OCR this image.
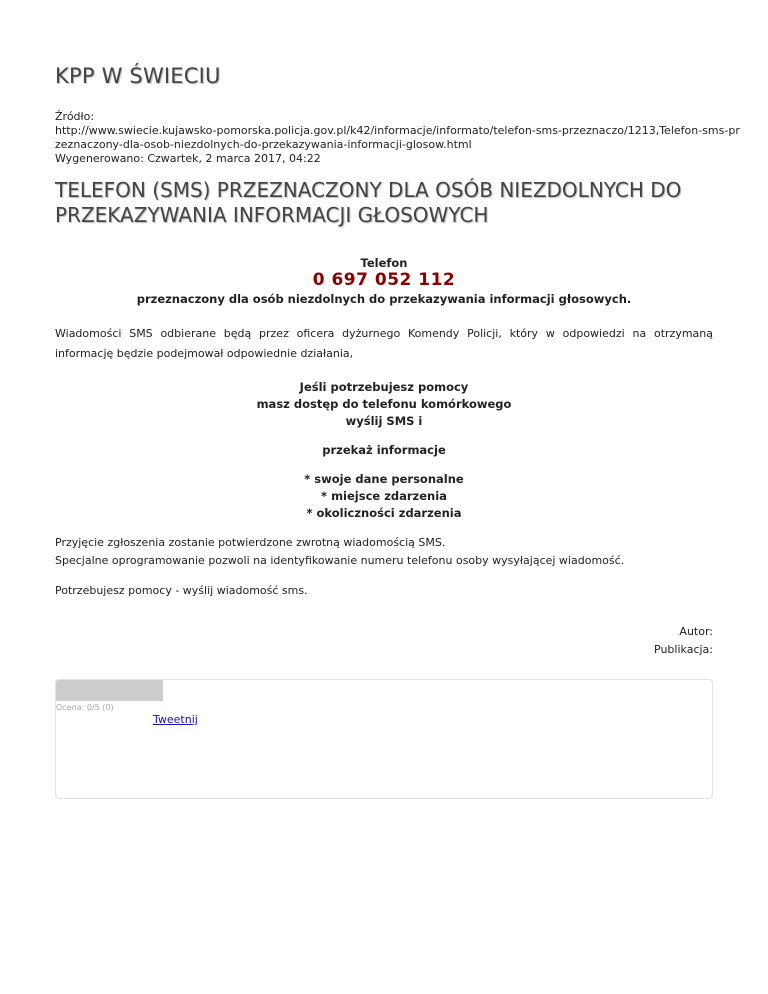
KPP W ŚWIECIU
Źródło:
http://www.swiecie.kujawsko-pomorska.policja.gov.pl/k42/informacje/informato/telefon-sms-przeznaczo/1213,Telefon-sms-pr
zeznaczony-dla-osob-niezdolnych-do-przekazywania-informacji-glosow.html
Wygenerowano: Czwartek, 2 marca 2017, 04:22
TELEFON (SMS) PRZEZNACZONY DLA OSÓB NIEZDOLNYCH DO PRZEKAZYWANIA INFORMACJI GŁOSOWYCH
Telefon
0 697 052 112
przeznaczony dla osób niezdolnych do przekazywania informacji głosowych.
Wiadomości SMS odbierane będą przez oficera dyżurnego Komendy Policji, który w odpowiedzi na otrzymaną informację będzie podejmował odpowiednie działania,
Jeśli potrzebujesz pomocy
masz dostęp do telefonu komórkowego
wyślij SMS i
przekaż informacje
* swoje dane personalne
* miejsce zdarzenia
* okoliczności zdarzenia
Przyjęcie zgłoszenia zostanie potwierdzone zwrotną wiadomością SMS.
Specjalne oprogramowanie pozwoli na identyfikowanie numeru telefonu osoby wysyłającej wiadomość.
Potrzebujesz pomocy - wyślij wiadomość sms.
Autor:
Publikacja:
Ocena: 0/5 (0)
Tweetnij
